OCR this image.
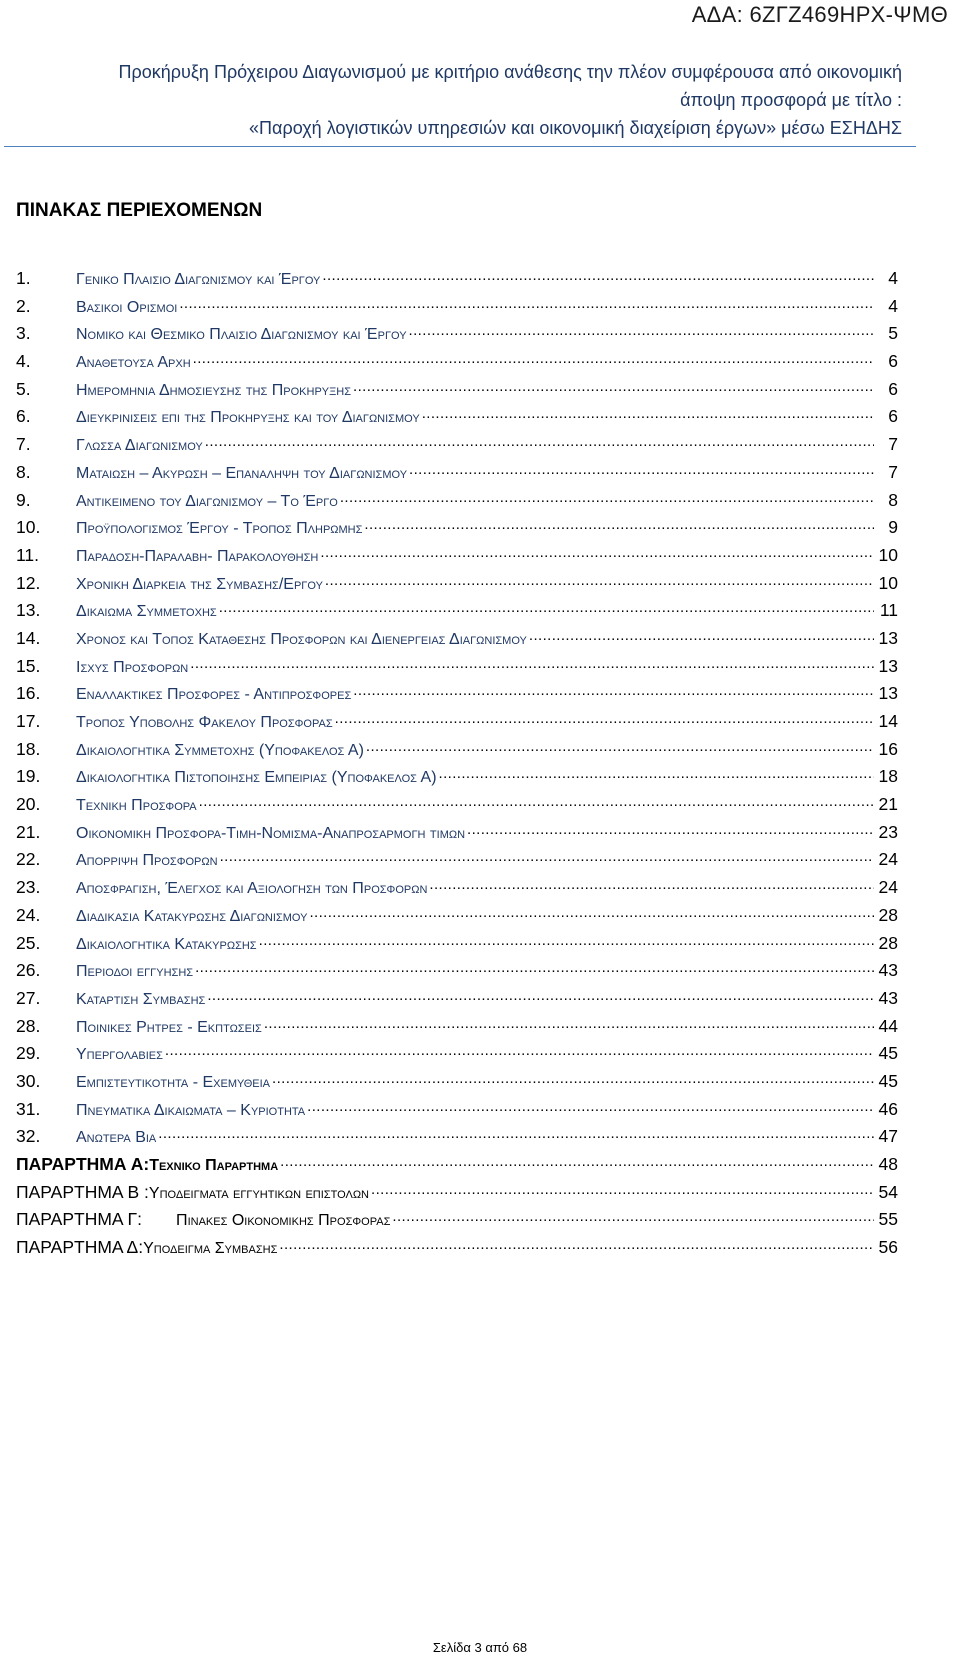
ΑΔΑ: 6ΖΓΖ469ΗΡΧ-ΨΜΘ
Προκήρυξη Πρόχειρου Διαγωνισμού με κριτήριο ανάθεσης την πλέον συμφέρουσα από οικονομική
άποψη προσφορά με τίτλο :
«Παροχή λογιστικών υπηρεσιών και οικονομική διαχείριση έργων» μέσω ΕΣΗΔΗΣ
ΠΙΝΑΚΑΣ ΠΕΡΙΕΧΟΜΕΝΩΝ
1.	Γενικο Πλαισιο Διαγωνισμου και Έργου .....	4
2.	Βασικοι Ορισμοι .....	4
3.	Νομικο και Θεσμικο Πλαισιο Διαγωνισμου και Έργου .....	5
4.	Αναθετουσα Αρχη .....	6
5.	Ημερομηνια Δημοσιευσης της Προκηρυξης .....	6
6.	Διευκρινισεις επι της Προκηρυξης και του Διαγωνισμου .....	6
7.	Γλωσσα Διαγωνισμου .....	7
8.	Ματαιωση – Ακυρωση – Επαναληψη του Διαγωνισμου .....	7
9.	Αντικειμενο του Διαγωνισμου – Το Έργο .....	8
10.	Προϋπολογισμος Έργου - Τροπος Πληρωμης .....	9
11.	Παραδοση-Παραλαβη- Παρακολουθηση .....	10
12.	Χρονικη Διαρκεια της Συμβασης/Εργου .....	10
13.	Δικαιωμα Συμμετοχης .....	11
14.	Χρονος και Τοπος Καταθεσης Προσφορων και Διενεργειας Διαγωνισμου .....	13
15.	Ισχυς Προσφορων .....	13
16.	Εναλλακτικες Προσφορες - Αντιπροσφορες .....	13
17.	Τροπος Υποβολης Φακελου Προσφορας .....	14
18.	Δικαιολογητικα Συμμετοχης (Υποφακελος Α) .....	16
19.	Δικαιολογητικα Πιστοποιησης Εμπειριας (Υποφακελος Α) .....	18
20.	Τεχνικη Προσφορα .....	21
21.	Οικονομικη Προσφορα-Τιμη-Νομισμα-Αναπροσαρμογη τιμων .....	23
22.	Απορριψη Προσφορων .....	24
23.	Αποσφραγιση, Έλεγχος και Αξιολογηση των Προσφορων .....	24
24.	Διαδικασια Κατακυρωσης Διαγωνισμου .....	28
25.	Δικαιολογητικα Κατακυρωσης .....	28
26.	Περιοδοι εγγυησης .....	43
27.	Καταρτιση Συμβασης .....	43
28.	Ποινικες Ρητρες - Εκπτωσεις .....	44
29.	Υπεργολαβιες .....	45
30.	Εμπιστευτικοτητα - Εχεμυθεια .....	45
31.	Πνευματικα Δικαιωματα – Κυριοτητα .....	46
32.	Ανωτερα Βια .....	47
ΠΑΡΑΡΤΗΜΑ Α: Τεχνικο Παραρτημα .....	48
ΠΑΡΑΡΤΗΜΑ Β : Υποδειγματα εγγυητικων επιστολων .....	54
ΠΑΡΑΡΤΗΜΑ Γ: Πινακες Οικονομικης Προσφορας .....	55
ΠΑΡΑΡΤΗΜΑ Δ: Υποδειγμα Συμβασης .....	56
Σελίδα 3 από 68
